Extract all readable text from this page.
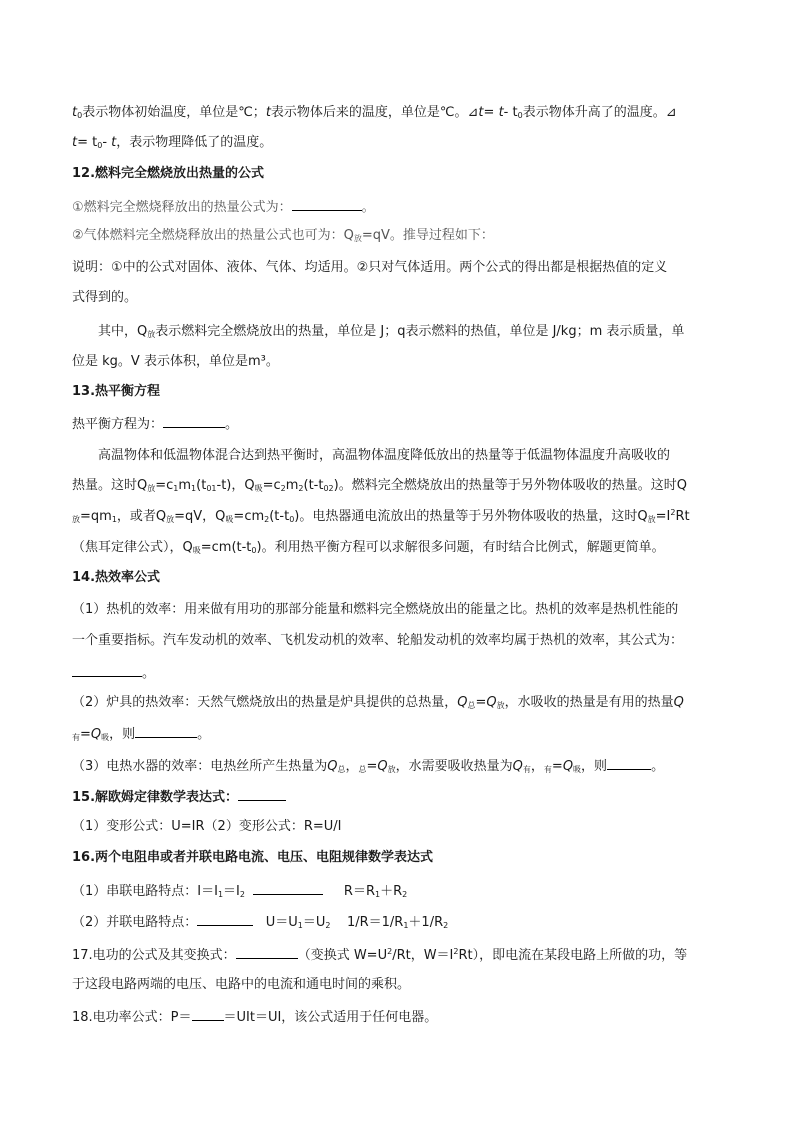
$t_0$表示物体初始温度，单位是℃；t表示物体后来的温度，单位是℃。⊿t= t- $t_0$表示物体升高了的温度。⊿
$t= t_0-$ t，表示物理降低了的温度。
12.燃料完全燃烧放出热量的公式
①燃料完全燃烧释放出的热量公式为：	。
②气体燃料完全燃烧释放出的热量公式也可为：$Q_放=qV$。推导过程如下：
说明：①中的公式对固体、液体、气体、均适用。②只对气体适用。两个公式的得出都是根据热值的定义
式得到的。
其中，$Q_放$表示燃料完全燃烧放出的热量，单位是 J；q表示燃料的热值，单位是 J/kg；m 表示质量，单
位是 kg。V 表示体积，单位是m³。
13.热平衡方程
热平衡方程为：	。
高温物体和低温物体混合达到热平衡时，高温物体温度降低放出的热量等于低温物体温度升高吸收的
热量。这时$Q_放=c_1m_1(t_{01}-t)$，$Q_吸=c_2m_2(t-t_{02})$。燃料完全燃烧放出的热量等于另外物体吸收的热量。这时Q
$_放=qm_1$，或者$Q_放=qV$，$Q_吸=cm_2(t-t_0)$。电热器通电流放出的热量等于另外物体吸收的热量，这时$Q_放=I^2Rt$
（焦耳定律公式），$Q_吸=cm(t-t_0)$。利用热平衡方程可以求解很多问题，有时结合比例式，解题更简单。
14.热效率公式
（1）热机的效率：用来做有用功的那部分能量和燃料完全燃烧放出的能量之比。热机的效率是热机性能的
一个重要指标。汽车发动机的效率、飞机发动机的效率、轮船发动机的效率均属于热机的效率，其公式为：
。
（2）炉具的热效率：天然气燃烧放出的热量是炉具提供的总热量，$Q_总=Q_放$，水吸收的热量是有用的热量Q
$_有=Q_吸$，则	。
（3）电热水器的效率：电热丝所产生热量为$Q_总$，$_总=Q_放$，水需要吸收热量为$Q_有$，$_有=Q_吸$，则	。
15.解欧姆定律数学表达式：
（1）变形公式：U=IR（2）变形公式：R=U/I
16.两个电阻串或者并联电路电流、电压、电阻规律数学表达式
（1）串联电路特点：$I=I_1=I_2$	$R=R_1+R_2$
（2）并联电路特点：	$U=U_1=U_2$ $1/R=1/R_1+1/R_2$
17.电功的公式及其变换式：	（变换式 $W=U^2/Rt$，$W=I^2Rt$），即电流在某段电路上所做的功，等
于这段电路两端的电压、电路中的电流和通电时间的乘积。
18.电功率公式：P＝ ＝UIt＝UI，该公式适用于任何电器。
